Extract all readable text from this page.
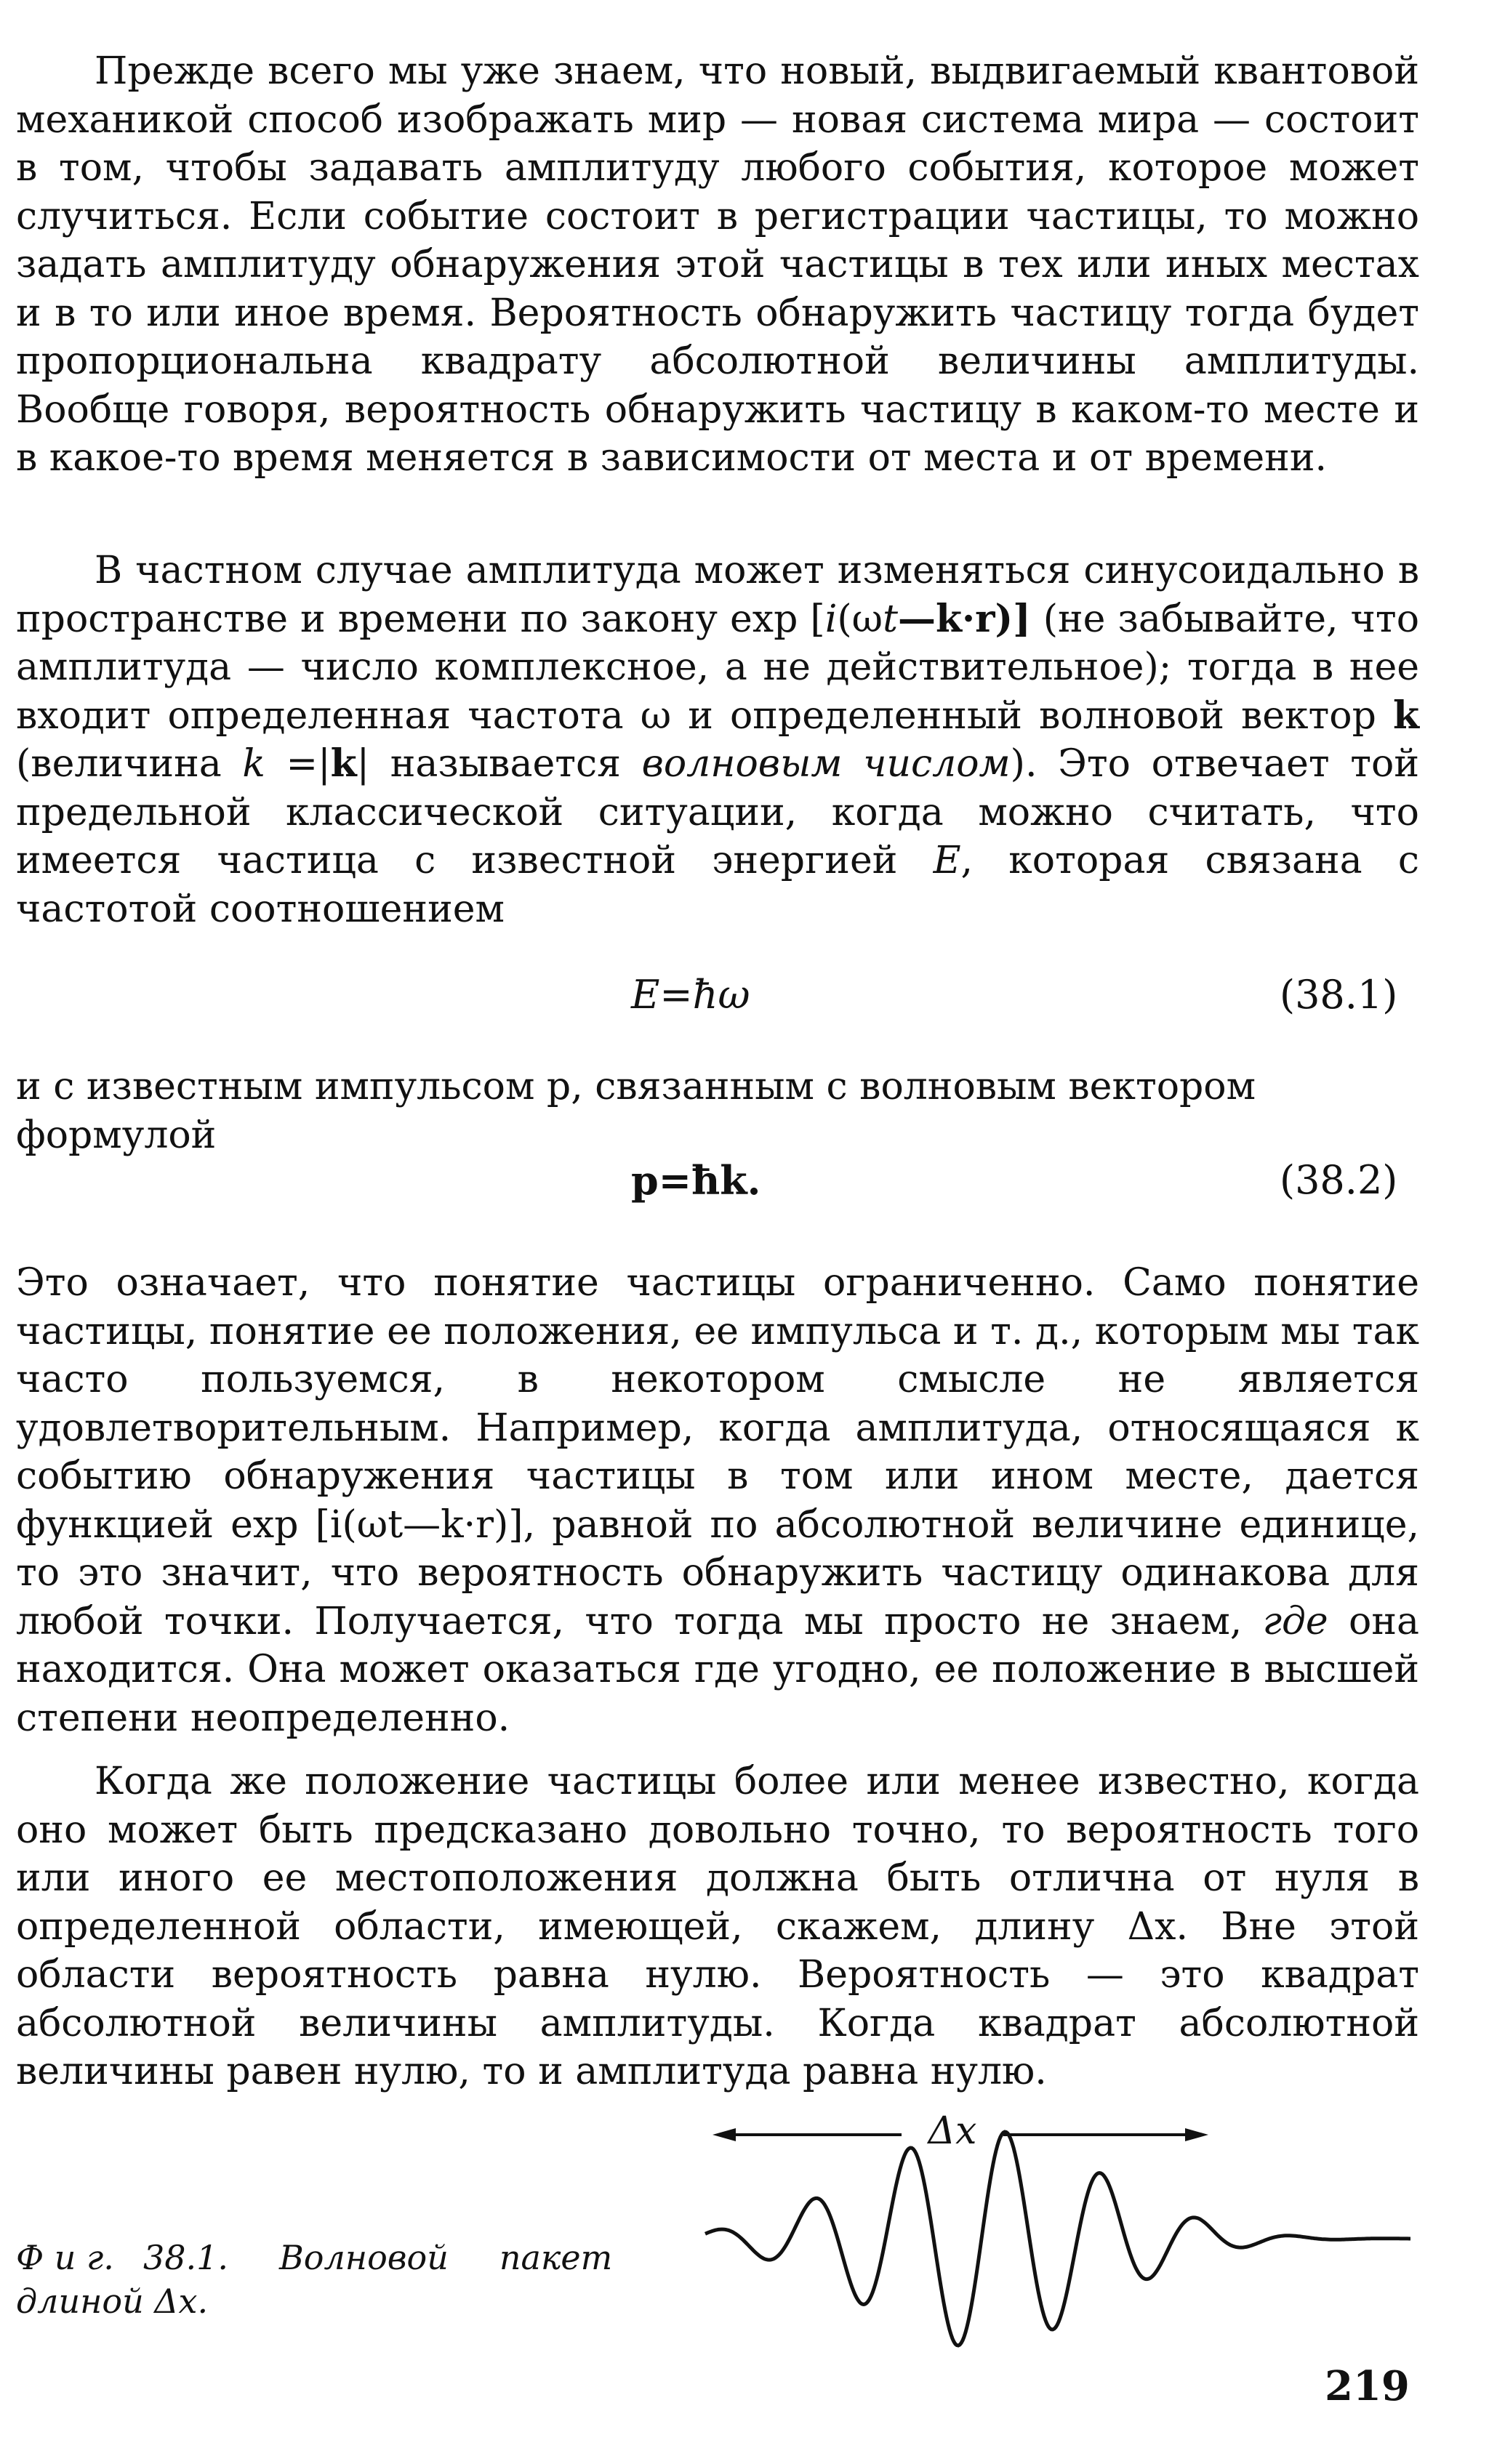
Прежде всего мы уже знаем, что новый, выдвигаемый квантовой механикой способ изображать мир — новая система мира — состоит в том, чтобы задавать амплитуду любого события, которое может случиться. Если событие состоит в регистрации частицы, то можно задать амплитуду обнаружения этой частицы в тех или иных местах и в то или иное время. Вероятность обнаружить частицу тогда будет пропорциональна квадрату абсолютной величины амплитуды. Вообще говоря, вероятность обнаружить частицу в каком-то месте и в какое-то время меняется в зависимости от места и от времени.

В частном случае амплитуда может изменяться синусоидально в пространстве и времени по закону exp [i(ωt—k·r)] (не забывайте, что амплитуда — число комплексное, а не действительное); тогда в нее входит определенная частота ω и определенный волновой вектор k (величина k =|k| называется волновым числом). Это отвечает той предельной классической ситуации, когда можно считать, что имеется частица с известной энергией E, которая связана с частотой соотношением

E=ħω	(38.1)
и с известным импульсом p, связанным с волновым вектором формулой
p=ħk.	(38.2)

Это означает, что понятие частицы ограниченно. Само понятие частицы, понятие ее положения, ее импульса и т. д., которым мы так часто пользуемся, в некотором смысле не является удовлетворительным. Например, когда амплитуда, относящаяся к событию обнаружения частицы в том или ином месте, дается функцией exp [i(ωt—k·r)], равной по абсолютной величине единице, то это значит, что вероятность обнаружить частицу одинакова для любой точки. Получается, что тогда мы просто не знаем, где она находится. Она может оказаться где угодно, ее положение в высшей степени неопределенно.

Когда же положение частицы более или менее известно, когда оно может быть предсказано довольно точно, то вероятность того или иного ее местоположения должна быть отлична от нуля в определенной области, имеющей, скажем, длину Δx. Вне этой области вероятность равна нулю. Вероятность — это квадрат абсолютной величины амплитуды. Когда квадрат абсолютной величины равен нулю, то и амплитуда равна нулю.

Δx
Ф и г. 38.1. Волновой пакет
длиной Δx.
219
